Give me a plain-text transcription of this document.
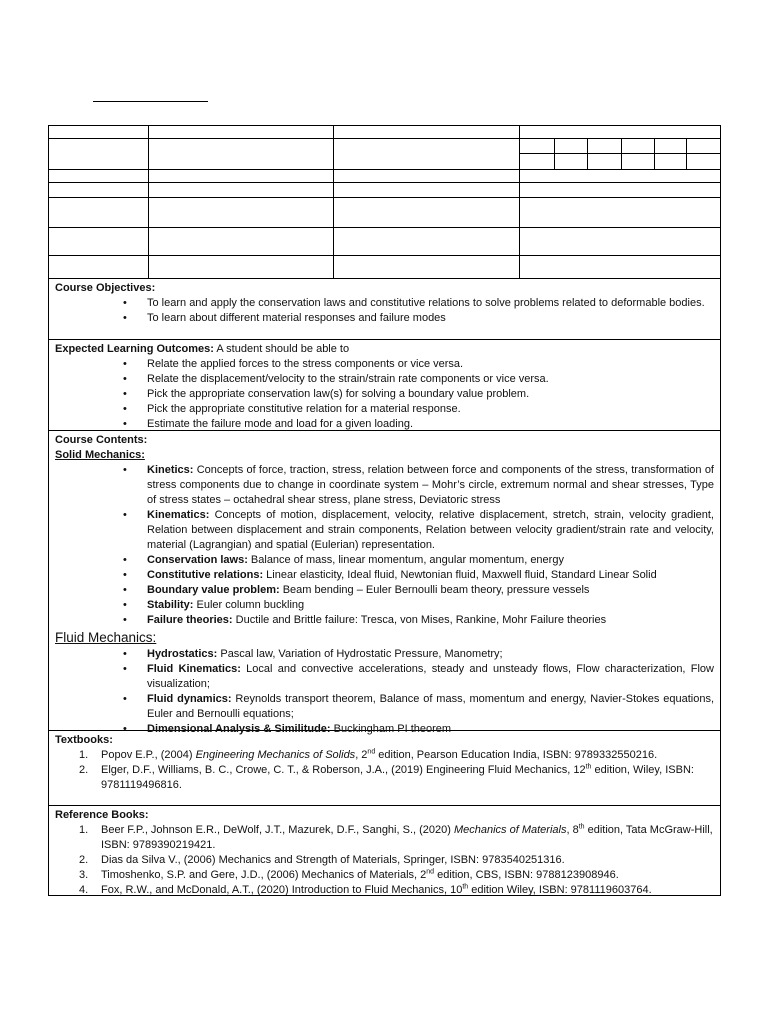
Course Objectives:
• To learn and apply the conservation laws and constitutive relations to solve problems related to deformable bodies.
• To learn about different material responses and failure modes
Expected Learning Outcomes: A student should be able to
• Relate the applied forces to the stress components or vice versa.
• Relate the displacement/velocity to the strain/strain rate components or vice versa.
• Pick the appropriate conservation law(s) for solving a boundary value problem.
• Pick the appropriate constitutive relation for a material response.
• Estimate the failure mode and load for a given loading.
Course Contents:
Solid Mechanics:
• Kinetics: Concepts of force, traction, stress, relation between force and components of the stress, transformation of stress components due to change in coordinate system – Mohr’s circle, extremum normal and shear stresses, Type of stress states – octahedral shear stress, plane stress, Deviatoric stress
• Kinematics: Concepts of motion, displacement, velocity, relative displacement, stretch, strain, velocity gradient, Relation between displacement and strain components, Relation between velocity gradient/strain rate and velocity, material (Lagrangian) and spatial (Eulerian) representation.
• Conservation laws: Balance of mass, linear momentum, angular momentum, energy
• Constitutive relations: Linear elasticity, Ideal fluid, Newtonian fluid, Maxwell fluid, Standard Linear Solid
• Boundary value problem: Beam bending – Euler Bernoulli beam theory, pressure vessels
• Stability: Euler column buckling
• Failure theories: Ductile and Brittle failure: Tresca, von Mises, Rankine, Mohr Failure theories
Fluid Mechanics:
• Hydrostatics: Pascal law, Variation of Hydrostatic Pressure, Manometry;
• Fluid Kinematics: Local and convective accelerations, steady and unsteady flows, Flow characterization, Flow visualization;
• Fluid dynamics: Reynolds transport theorem, Balance of mass, momentum and energy, Navier-Stokes equations, Euler and Bernoulli equations;
• Dimensional Analysis & Similitude: Buckingham PI theorem
Textbooks:
1. Popov E.P., (2004) Engineering Mechanics of Solids, 2nd edition, Pearson Education India, ISBN: 9789332550216.
2. Elger, D.F., Williams, B. C., Crowe, C. T., & Roberson, J.A., (2019) Engineering Fluid Mechanics, 12th edition, Wiley, ISBN: 9781119496816.
Reference Books:
1. Beer F.P., Johnson E.R., DeWolf, J.T., Mazurek, D.F., Sanghi, S., (2020) Mechanics of Materials, 8th edition, Tata McGraw-Hill, ISBN: 9789390219421.
2. Dias da Silva V., (2006) Mechanics and Strength of Materials, Springer, ISBN: 9783540251316.
3. Timoshenko, S.P. and Gere, J.D., (2006) Mechanics of Materials, 2nd edition, CBS, ISBN: 9788123908946.
4. Fox, R.W., and McDonald, A.T., (2020) Introduction to Fluid Mechanics, 10th edition Wiley, ISBN: 9781119603764.
